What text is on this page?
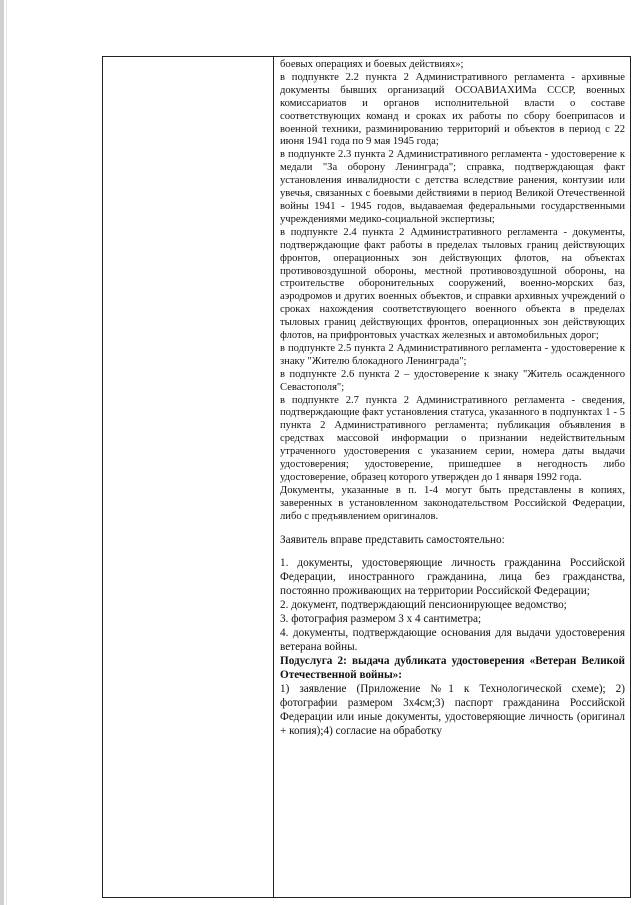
боевых операциях и боевых действиях»;

в подпункте 2.2 пункта 2 Административного регламента - архивные документы бывших организаций ОСОАВИАХИМа СССР, военных комиссариатов и органов исполнительной власти о составе соответствующих команд и сроках их работы по сбору боеприпасов и военной техники, разминированию территорий и объектов в период с 22 июня 1941 года по 9 мая 1945 года;

в подпункте 2.3 пункта 2 Административного регламента - удостоверение к медали "За оборону Ленинграда"; справка, подтверждающая факт установления инвалидности с детства вследствие ранения, контузии или увечья, связанных с боевыми действиями в период Великой Отечественной войны 1941 - 1945 годов, выдаваемая федеральными государственными учреждениями медико-социальной экспертизы;

в подпункте 2.4 пункта 2 Административного регламента - документы, подтверждающие факт работы в пределах тыловых границ действующих фронтов, операционных зон действующих флотов, на объектах противовоздушной обороны, местной противовоздушной обороны, на строительстве оборонительных сооружений, военно-морских баз, аэродромов и других военных объектов, и справки архивных учреждений о сроках нахождения соответствующего военного объекта в пределах тыловых границ действующих фронтов, операционных зон действующих флотов, на прифронтовых участках железных и автомобильных дорог;

в подпункте 2.5 пункта 2 Административного регламента - удостоверение к знаку "Жителю блокадного Ленинграда";

в подпункте 2.6 пункта 2 – удостоверение к знаку "Житель осажденного Севастополя";

в подпункте 2.7 пункта 2 Административного регламента - сведения, подтверждающие факт установления статуса, указанного в подпунктах 1 - 5 пункта 2 Административного регламента; публикация объявления в средствах массовой информации о признании недействительным утраченного удостоверения с указанием серии, номера даты выдачи удостоверения; удостоверение, пришедшее в негодность либо удостоверение, образец которого утвержден до 1 января 1992 года.

Документы, указанные в п. 1-4 могут быть представлены в копиях, заверенных в установленном законодательством Российской Федерации, либо с предъявлением оригиналов.

Заявитель вправе представить самостоятельно:

1. документы, удостоверяющие личность гражданина Российской Федерации, иностранного гражданина, лица без гражданства, постоянно проживающих на территории Российской Федерации;

2. документ, подтверждающий пенсионирующее ведомство;

3. фотография размером 3 х 4 сантиметра;

4. документы, подтверждающие основания для выдачи удостоверения ветерана войны.

Подуслуга 2: выдача дубликата удостоверения «Ветеран Великой Отечественной войны»:

1) заявление (Приложение №1 к Технологической схеме); 2) фотографии размером 3х4см;3) паспорт гражданина Российской Федерации или иные документы, удостоверяющие личность (оригинал + копия);4) согласие на обработку
